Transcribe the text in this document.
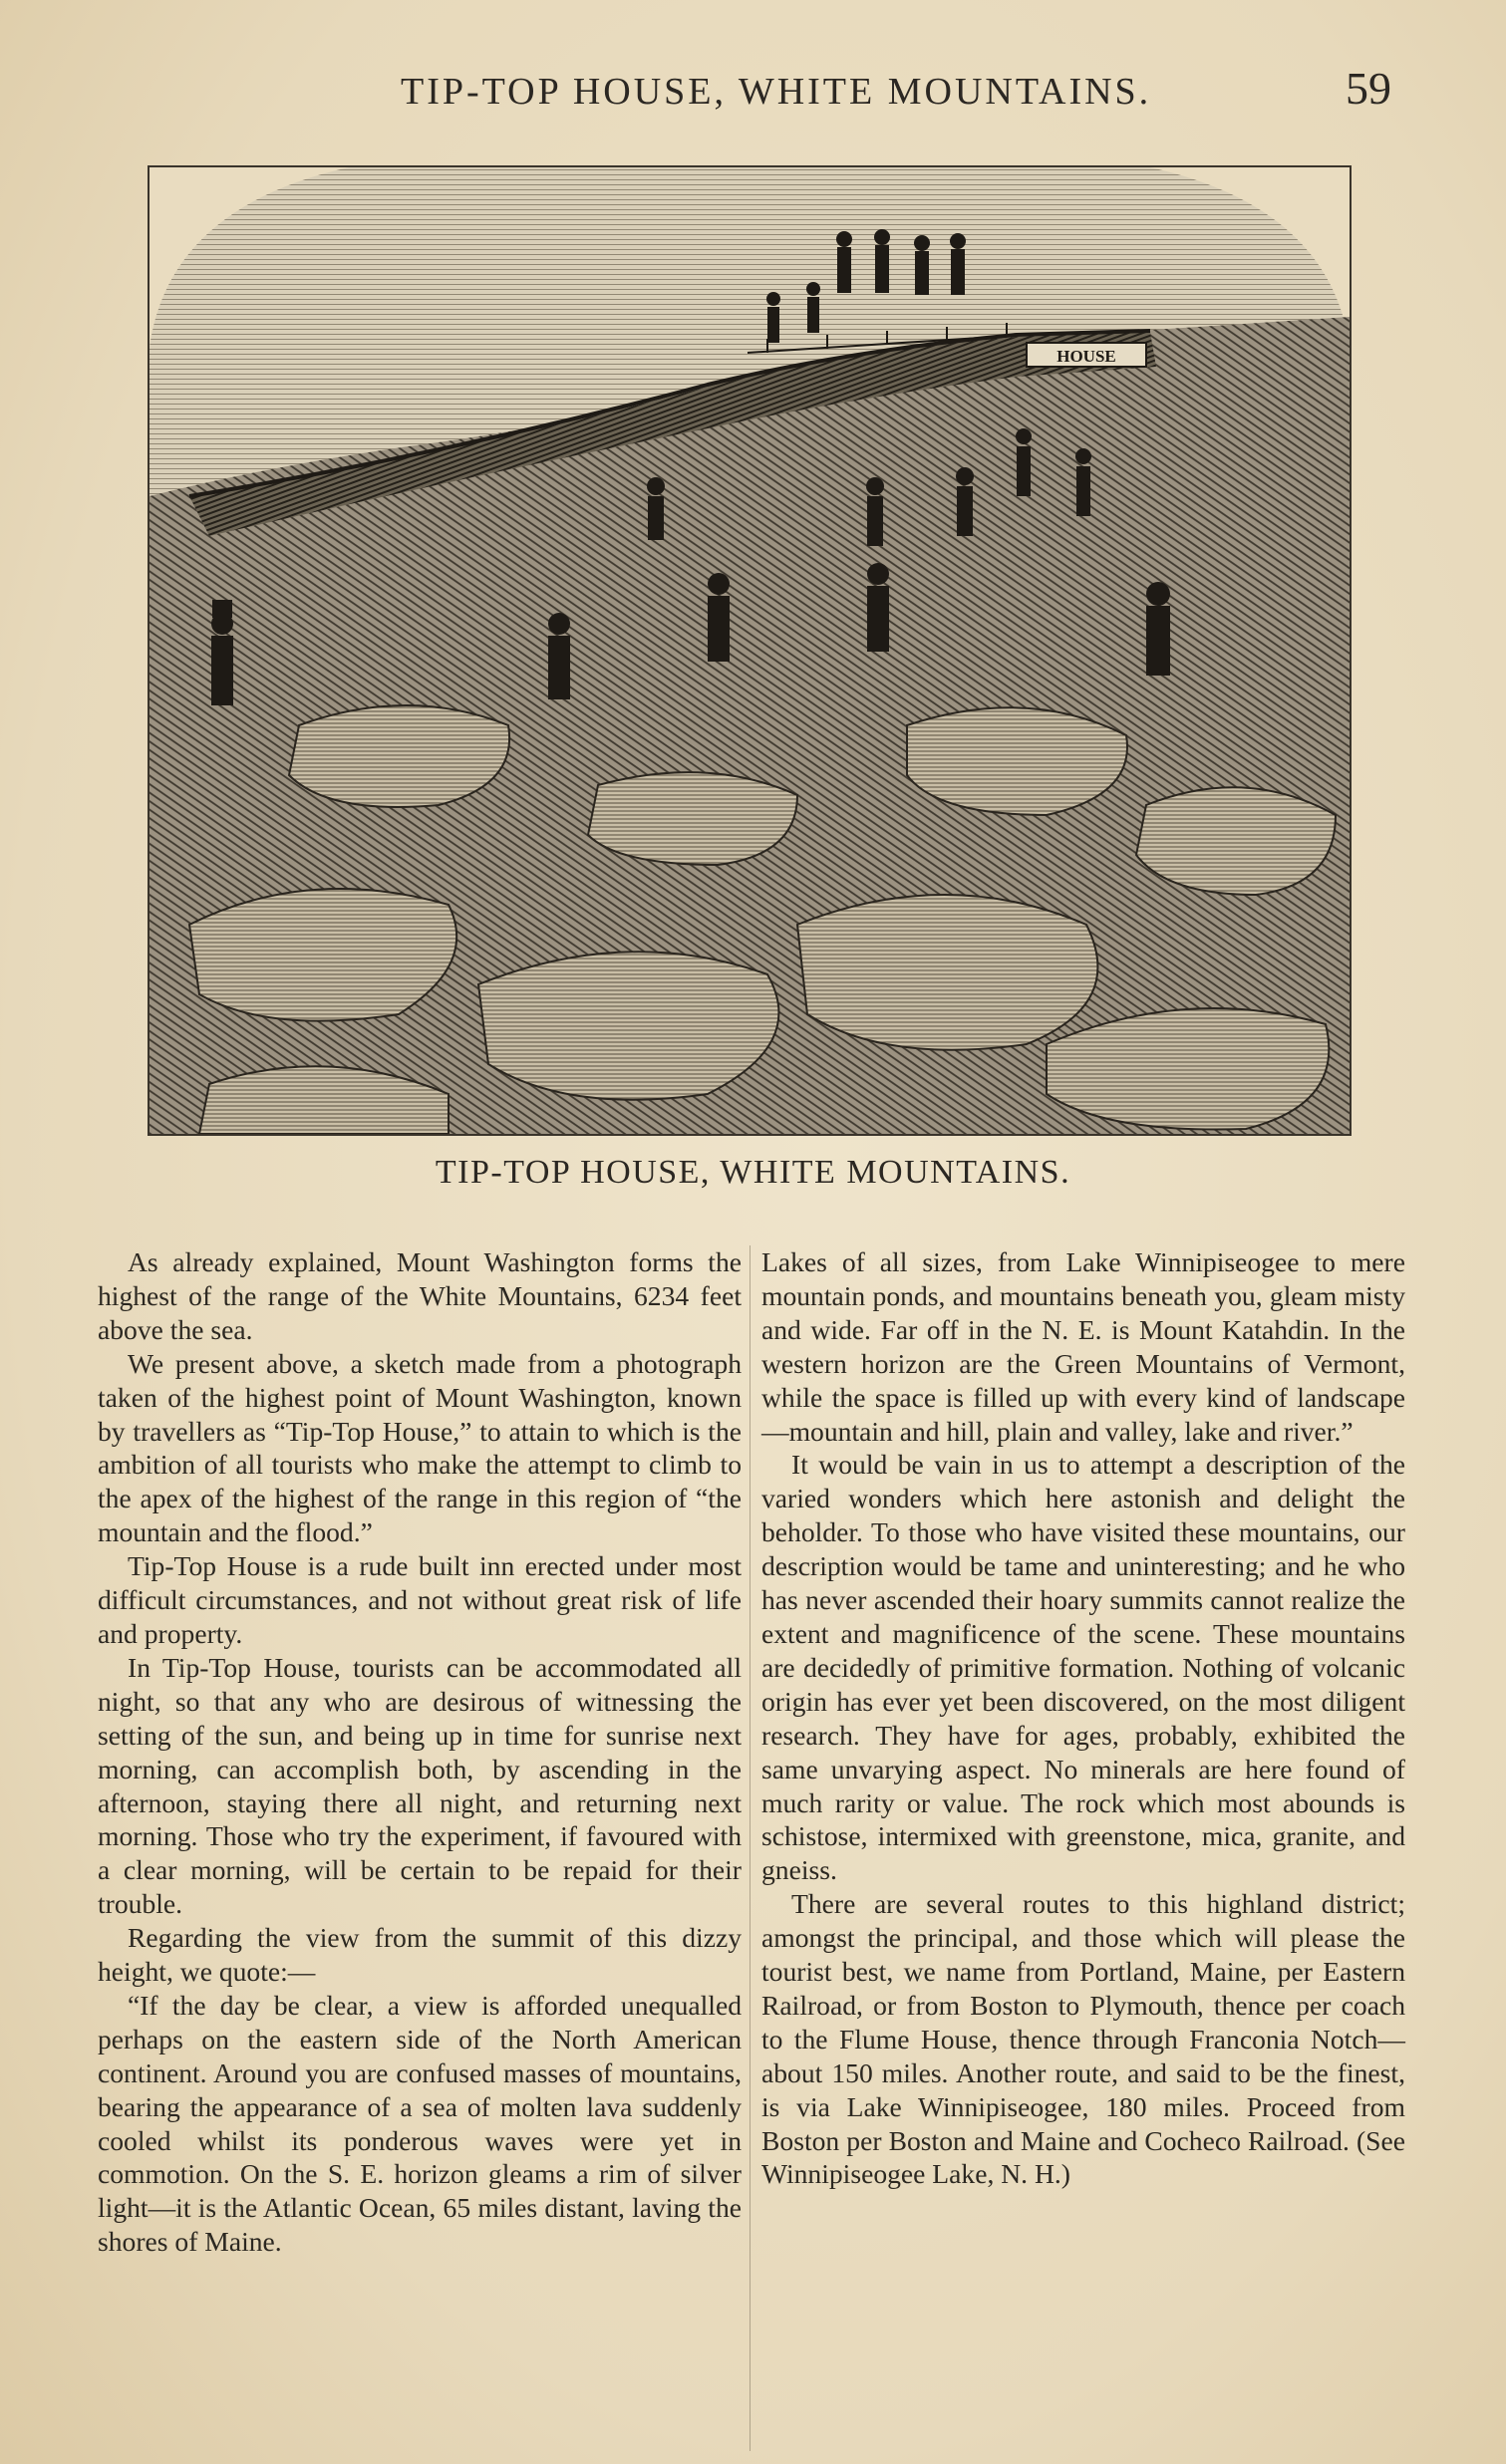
TIP-TOP HOUSE, WHITE MOUNTAINS.	59
HOUSE
TIP-TOP HOUSE, WHITE MOUNTAINS.

As already explained, Mount Washington forms the highest of the range of the White Mountains, 6234 feet above the sea.

We present above, a sketch made from a photograph taken of the highest point of Mount Washington, known by travellers as “Tip-Top House,” to attain to which is the ambition of all tourists who make the attempt to climb to the apex of the highest of the range in this region of “the mountain and the flood.”

Tip-Top House is a rude built inn erected under most difficult circumstances, and not without great risk of life and property.

In Tip-Top House, tourists can be accommodated all night, so that any who are desirous of witnessing the setting of the sun, and being up in time for sunrise next morning, can accomplish both, by ascending in the afternoon, staying there all night, and returning next morning. Those who try the experiment, if favoured with a clear morning, will be certain to be repaid for their trouble.

Regarding the view from the summit of this dizzy height, we quote:—

“If the day be clear, a view is afforded unequalled perhaps on the eastern side of the North American continent. Around you are confused masses of mountains, bearing the appearance of a sea of molten lava suddenly cooled whilst its ponderous waves were yet in commotion. On the S. E. horizon gleams a rim of silver light—it is the Atlantic Ocean, 65 miles distant, laving the shores of Maine.

Lakes of all sizes, from Lake Winnipiseogee to mere mountain ponds, and mountains beneath you, gleam misty and wide. Far off in the N. E. is Mount Katahdin. In the western horizon are the Green Mountains of Vermont, while the space is filled up with every kind of landscape—mountain and hill, plain and valley, lake and river.”

It would be vain in us to attempt a description of the varied wonders which here astonish and delight the beholder. To those who have visited these mountains, our description would be tame and uninteresting; and he who has never ascended their hoary summits cannot realize the extent and magnificence of the scene. These mountains are decidedly of primitive formation. Nothing of volcanic origin has ever yet been discovered, on the most diligent research. They have for ages, probably, exhibited the same unvarying aspect. No minerals are here found of much rarity or value. The rock which most abounds is schistose, intermixed with greenstone, mica, granite, and gneiss.

There are several routes to this highland district; amongst the principal, and those which will please the tourist best, we name from Portland, Maine, per Eastern Railroad, or from Boston to Plymouth, thence per coach to the Flume House, thence through Franconia Notch—about 150 miles. Another route, and said to be the finest, is via Lake Winnipiseogee, 180 miles. Proceed from Boston per Boston and Maine and Cocheco Railroad. (See Winnipiseogee Lake, N. H.)
